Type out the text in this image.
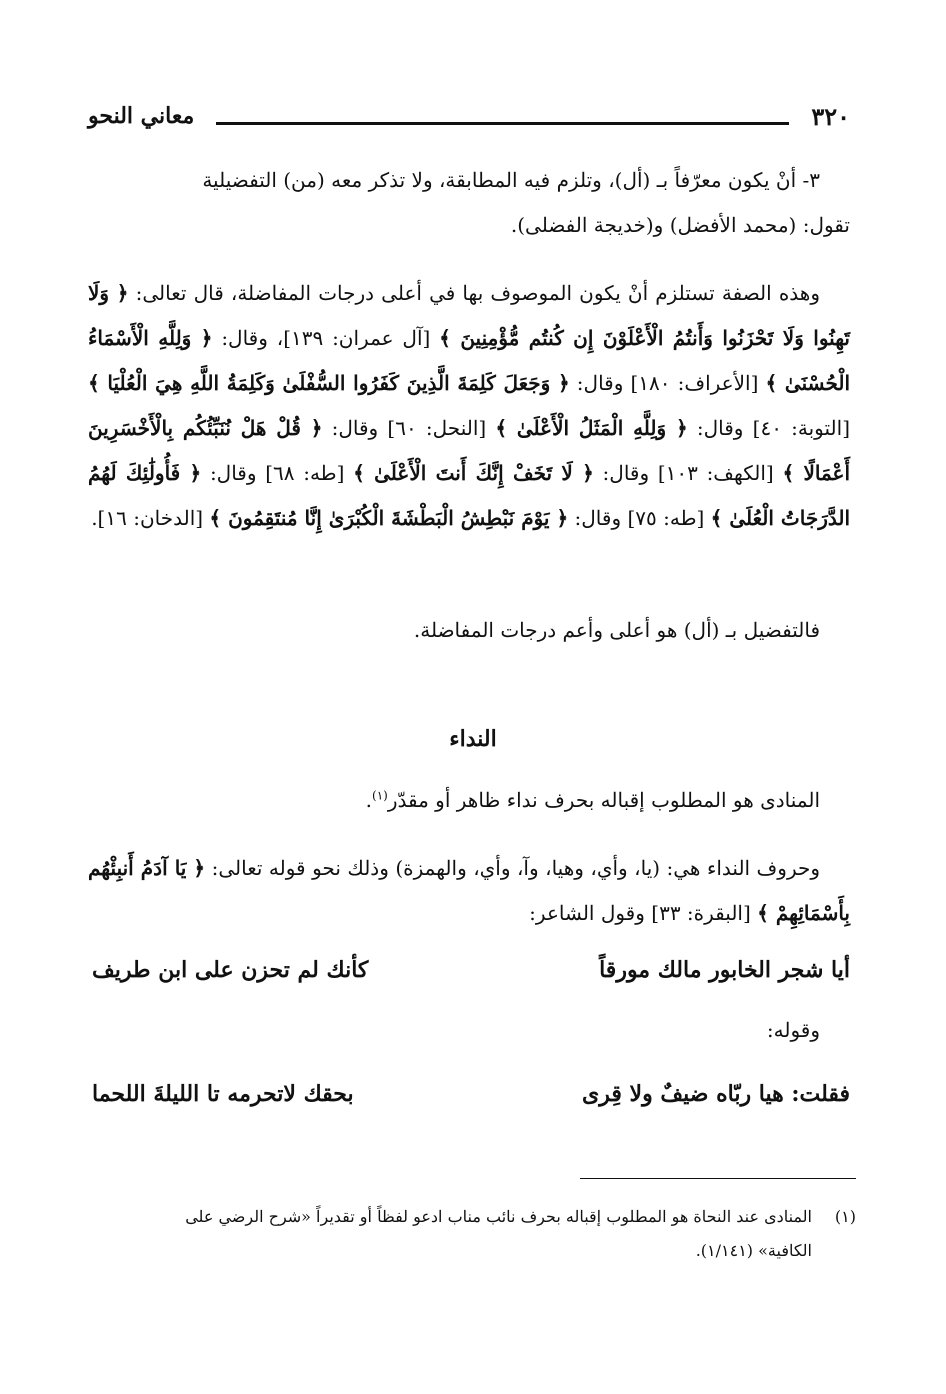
٣٢٠
معاني النحو

٣- أنْ يكون معرّفاً بـ (أل)، وتلزم فيه المطابقة، ولا تذكر معه (من) التفضيلية

تقول: (محمد الأفضل) و(خديجة الفضلى).

وهذه الصفة تستلزم أنْ يكون الموصوف بها في أعلى درجات المفاضلة، قال تعالى: ﴿ وَلَا تَهِنُوا وَلَا تَحْزَنُوا وَأَنتُمُ الْأَعْلَوْنَ إِن كُنتُم مُّؤْمِنِينَ ﴾ [آل عمران: ١٣٩]، وقال: ﴿ وَلِلَّهِ الْأَسْمَاءُ الْحُسْنَىٰ ﴾ [الأعراف: ١٨٠] وقال: ﴿ وَجَعَلَ كَلِمَةَ الَّذِينَ كَفَرُوا السُّفْلَىٰ وَكَلِمَةُ اللَّهِ هِيَ الْعُلْيَا ﴾ [التوبة: ٤٠] وقال: ﴿ وَلِلَّهِ الْمَثَلُ الْأَعْلَىٰ ﴾ [النحل: ٦٠] وقال: ﴿ قُلْ هَلْ نُنَبِّئُكُم بِالْأَخْسَرِينَ أَعْمَالًا ﴾ [الكهف: ١٠٣] وقال: ﴿ لَا تَخَفْ إِنَّكَ أَنتَ الْأَعْلَىٰ ﴾ [طه: ٦٨] وقال: ﴿ فَأُولَٰئِكَ لَهُمُ الدَّرَجَاتُ الْعُلَىٰ ﴾ [طه: ٧٥] وقال: ﴿ يَوْمَ نَبْطِشُ الْبَطْشَةَ الْكُبْرَىٰ إِنَّا مُنتَقِمُونَ ﴾ [الدخان: ١٦].

فالتفضيل بـ (أل) هو أعلى وأعم درجات المفاضلة.

النداء

المنادى هو المطلوب إقباله بحرف نداء ظاهر أو مقدّر$^{(١)}$.

وحروف النداء هي: (يا، وأي، وهيا، وآ، وأي، والهمزة) وذلك نحو قوله تعالى: ﴿ يَا آدَمُ أَنبِئْهُم بِأَسْمَائِهِمْ ﴾ [البقرة: ٣٣] وقول الشاعر:

أيا شجر الخابور مالك مورقاً
كأنك لم تحزن على ابن طريف

وقوله:

فقلت: هيا ربّاه ضيفٌ ولا قِرى
بحقك لاتحرمه تا الليلةَ اللحما
(١)المنادى عند النحاة هو المطلوب إقباله بحرف نائب مناب ادعو لفظاً أو تقديراً «شرح الرضي على
الكافية» (١/١٤١).
